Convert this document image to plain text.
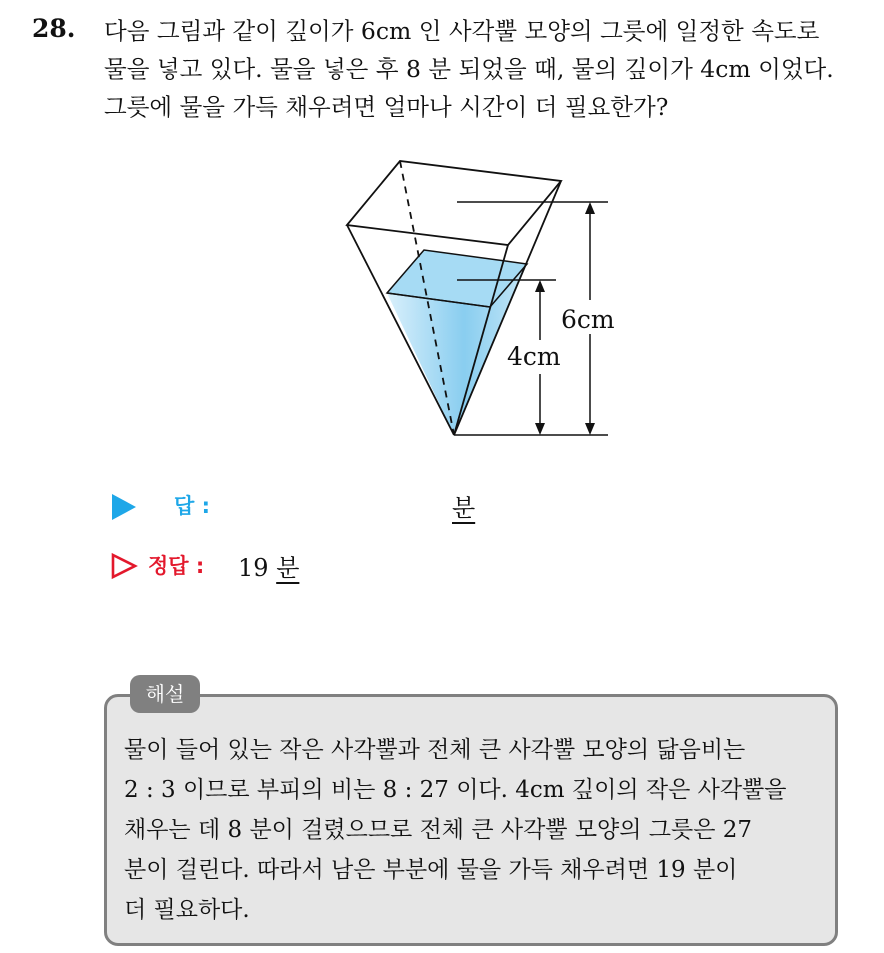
28. 다음 그림과 같이 깊이가 6cm 인 사각뿔 모양의 그릇에 일정한 속도로
물을 넣고 있다. 물을 넣은 후 8 분 되었을 때, 물의 깊이가 4cm 이었다.
그릇에 물을 가득 채우려면 얼마나 시간이 더 필요한가?
6cm
4cm
답 :	분
정답 : 19 분
해설
물이 들어 있는 작은 사각뿔과 전체 큰 사각뿔 모양의 닮음비는
2 : 3 이므로 부피의 비는 8 : 27 이다. 4cm 깊이의 작은 사각뿔을
채우는 데 8 분이 걸렸으므로 전체 큰 사각뿔 모양의 그릇은 27
분이 걸린다. 따라서 남은 부분에 물을 가득 채우려면 19 분이
더 필요하다.
